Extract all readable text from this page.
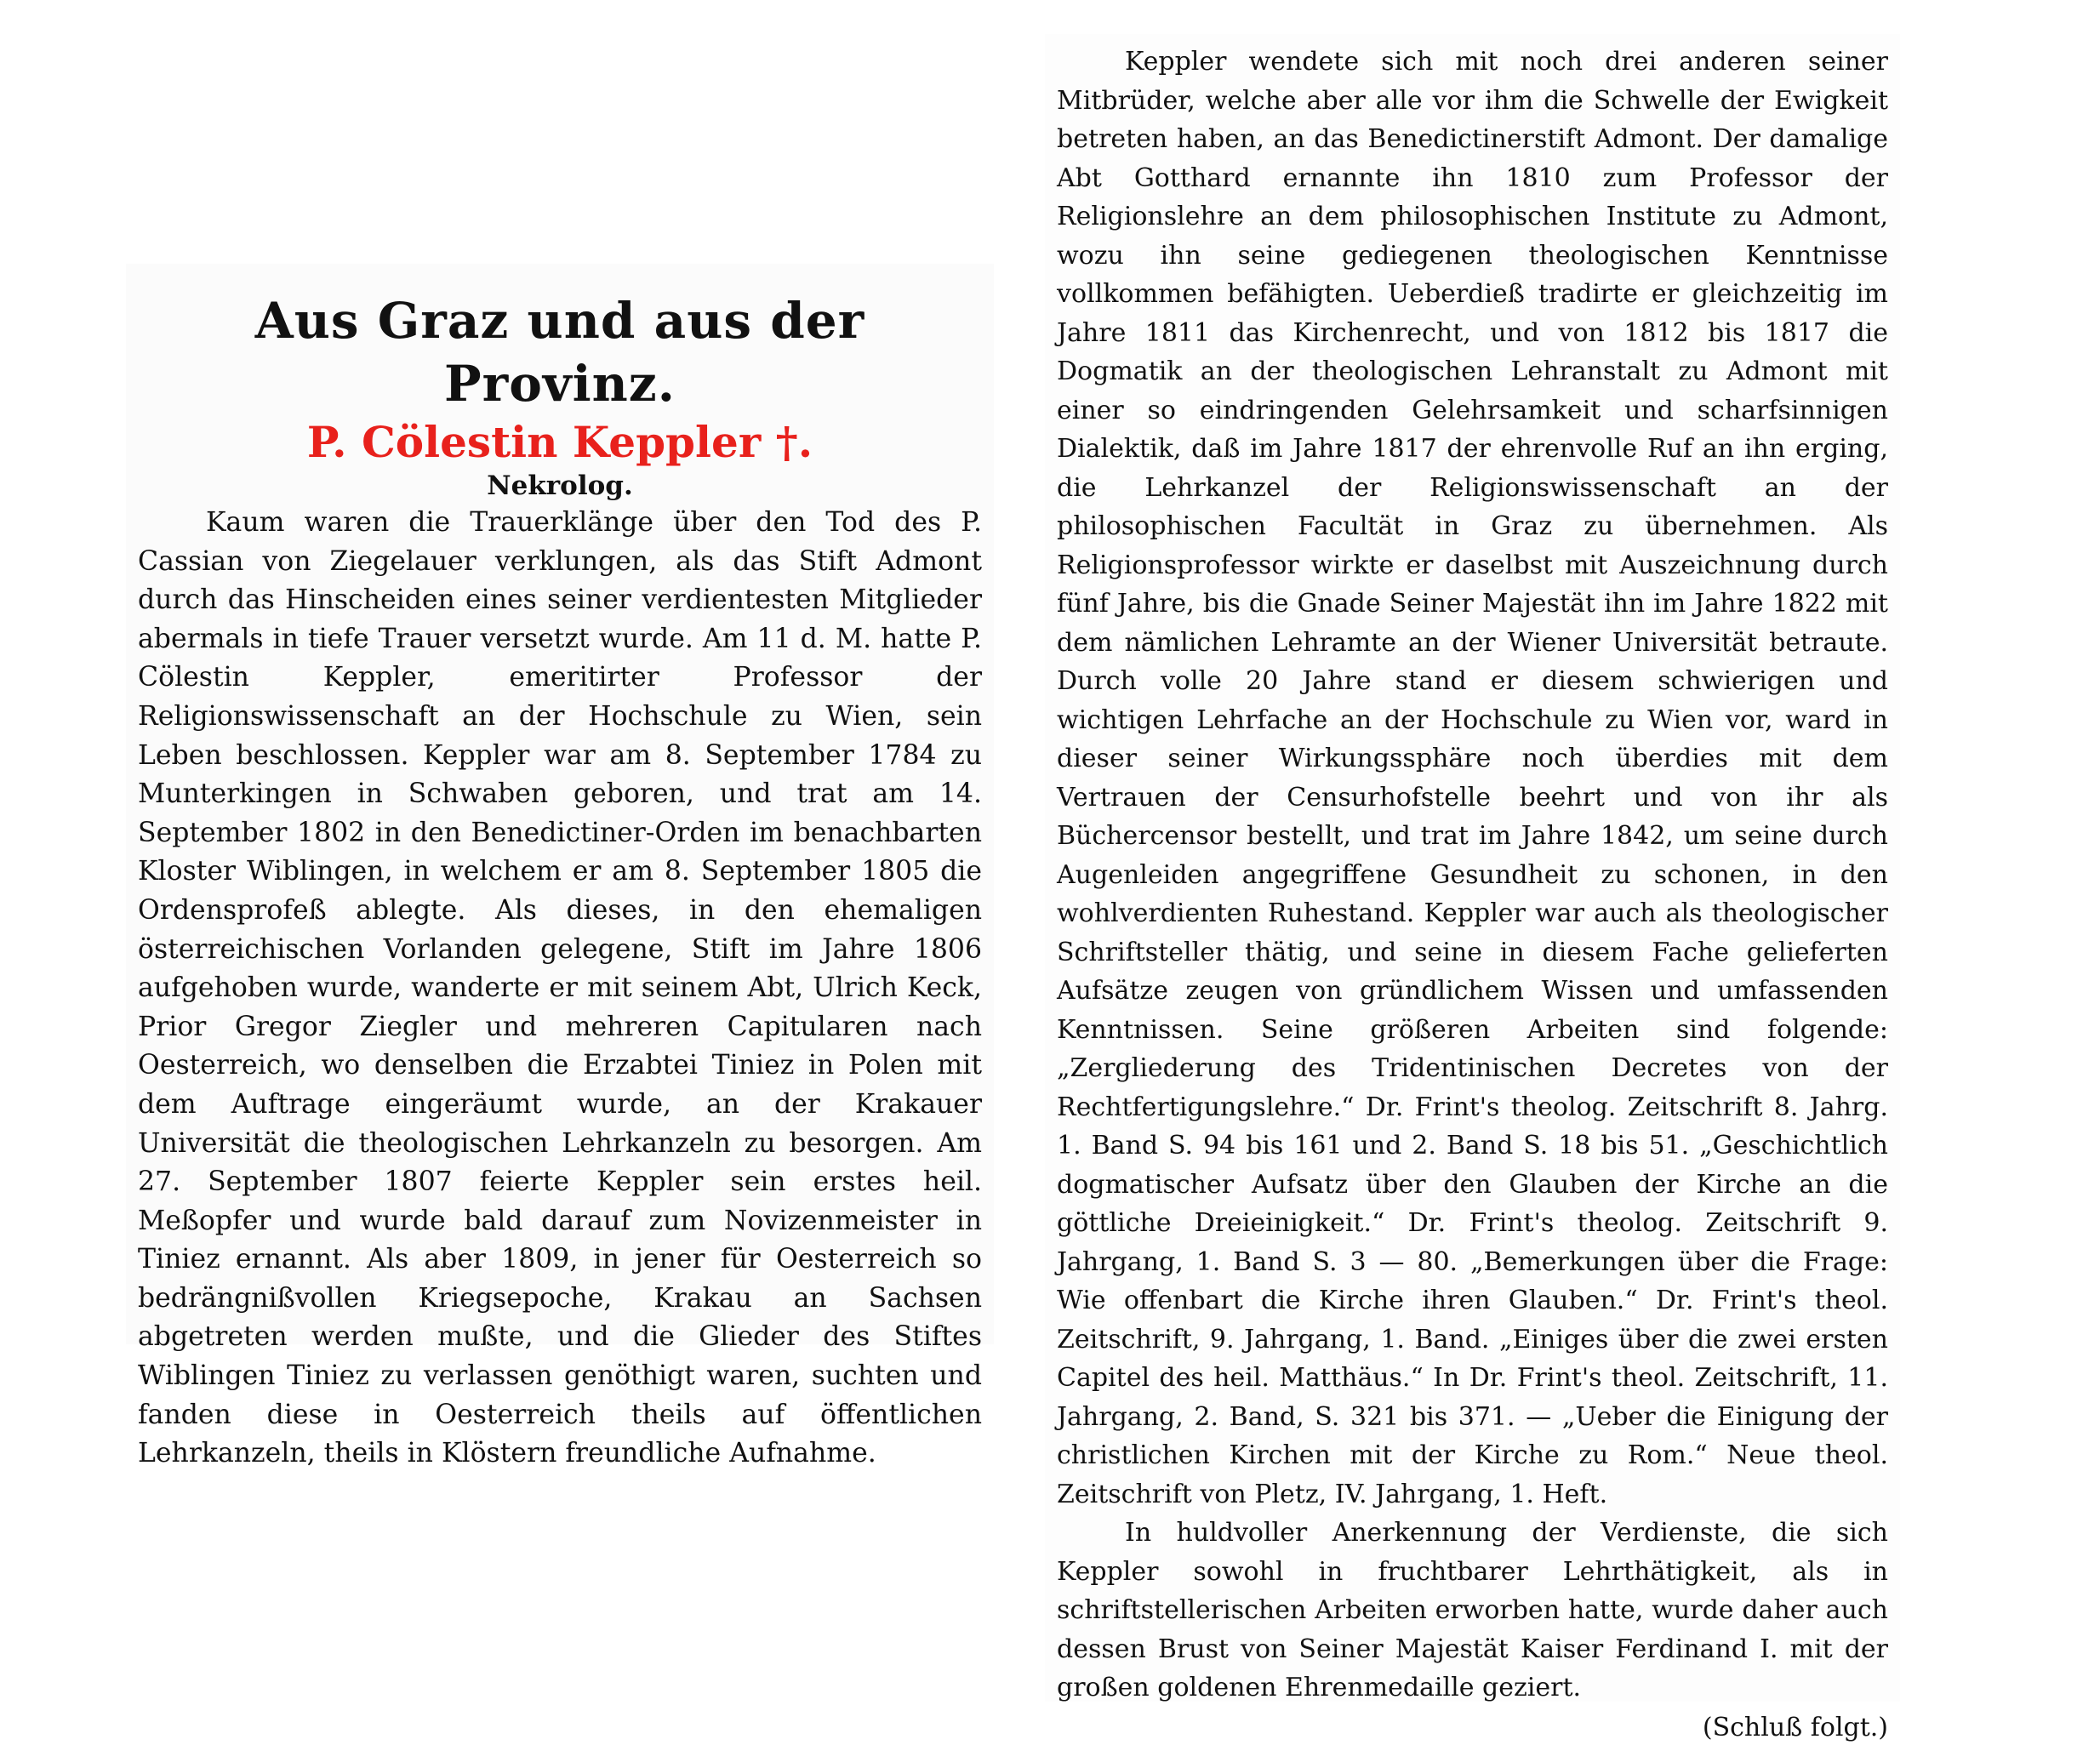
Aus Graz und aus der Provinz.
P. Cölestin Keppler †.

Nekrolog.

Kaum waren die Trauerklänge über den Tod des P. Cassian von Ziegelauer verklungen, als das Stift Admont durch das Hinscheiden eines seiner verdientesten Mitglieder abermals in tiefe Trauer versetzt wurde. Am 11 d. M. hatte P. Cölestin Keppler, emeritirter Professor der Religionswissenschaft an der Hochschule zu Wien, sein Leben beschlossen. Keppler war am 8. September 1784 zu Munterkingen in Schwaben geboren, und trat am 14. September 1802 in den Benedictiner-Orden im benachbarten Kloster Wiblingen, in welchem er am 8. September 1805 die Ordensprofeß ablegte. Als dieses, in den ehemaligen österreichischen Vorlanden gelegene, Stift im Jahre 1806 aufgehoben wurde, wanderte er mit seinem Abt, Ulrich Keck, Prior Gregor Ziegler und mehreren Capitularen nach Oesterreich, wo denselben die Erzabtei Tiniez in Polen mit dem Auftrage eingeräumt wurde, an der Krakauer Universität die theologischen Lehrkanzeln zu besorgen. Am 27. September 1807 feierte Keppler sein erstes heil. Meßopfer und wurde bald darauf zum Novizenmeister in Tiniez ernannt. Als aber 1809, in jener für Oesterreich so bedrängnißvollen Kriegsepoche, Krakau an Sachsen abgetreten werden mußte, und die Glieder des Stiftes Wiblingen Tiniez zu verlassen genöthigt waren, suchten und fanden diese in Oesterreich theils auf öffentlichen Lehrkanzeln, theils in Klöstern freundliche Aufnahme.

Keppler wendete sich mit noch drei anderen seiner Mitbrüder, welche aber alle vor ihm die Schwelle der Ewigkeit betreten haben, an das Benedictinerstift Admont. Der damalige Abt Gotthard ernannte ihn 1810 zum Professor der Religionslehre an dem philosophischen Institute zu Admont, wozu ihn seine gediegenen theologischen Kenntnisse vollkommen befähigten. Ueberdieß tradirte er gleichzeitig im Jahre 1811 das Kirchenrecht, und von 1812 bis 1817 die Dogmatik an der theologischen Lehranstalt zu Admont mit einer so eindringenden Gelehrsamkeit und scharfsinnigen Dialektik, daß im Jahre 1817 der ehrenvolle Ruf an ihn erging, die Lehrkanzel der Religionswissenschaft an der philosophischen Facultät in Graz zu übernehmen. Als Religionsprofessor wirkte er daselbst mit Auszeichnung durch fünf Jahre, bis die Gnade Seiner Majestät ihn im Jahre 1822 mit dem nämlichen Lehramte an der Wiener Universität betraute. Durch volle 20 Jahre stand er diesem schwierigen und wichtigen Lehrfache an der Hochschule zu Wien vor, ward in dieser seiner Wirkungssphäre noch überdies mit dem Vertrauen der Censurhofstelle beehrt und von ihr als Büchercensor bestellt, und trat im Jahre 1842, um seine durch Augenleiden angegriffene Gesundheit zu schonen, in den wohlverdienten Ruhestand. Keppler war auch als theologischer Schriftsteller thätig, und seine in diesem Fache gelieferten Aufsätze zeugen von gründlichem Wissen und umfassenden Kenntnissen. Seine größeren Arbeiten sind folgende: „Zergliederung des Tridentinischen Decretes von der Rechtfertigungslehre.“ Dr. Frint's theolog. Zeitschrift 8. Jahrg. 1. Band S. 94 bis 161 und 2. Band S. 18 bis 51. „Geschichtlich dogmatischer Aufsatz über den Glauben der Kirche an die göttliche Dreieinigkeit.“ Dr. Frint's theolog. Zeitschrift 9. Jahrgang, 1. Band S. 3 — 80. „Bemerkungen über die Frage: Wie offenbart die Kirche ihren Glauben.“ Dr. Frint's theol. Zeitschrift, 9. Jahrgang, 1. Band. „Einiges über die zwei ersten Capitel des heil. Matthäus.“ In Dr. Frint's theol. Zeitschrift, 11. Jahrgang, 2. Band, S. 321 bis 371. — „Ueber die Einigung der christlichen Kirchen mit der Kirche zu Rom.“ Neue theol. Zeitschrift von Pletz, IV. Jahrgang, 1. Heft.

In huldvoller Anerkennung der Verdienste, die sich Keppler sowohl in fruchtbarer Lehrthätigkeit, als in schriftstellerischen Arbeiten erworben hatte, wurde daher auch dessen Brust von Seiner Majestät Kaiser Ferdinand I. mit der großen goldenen Ehrenmedaille geziert.

(Schluß folgt.)
